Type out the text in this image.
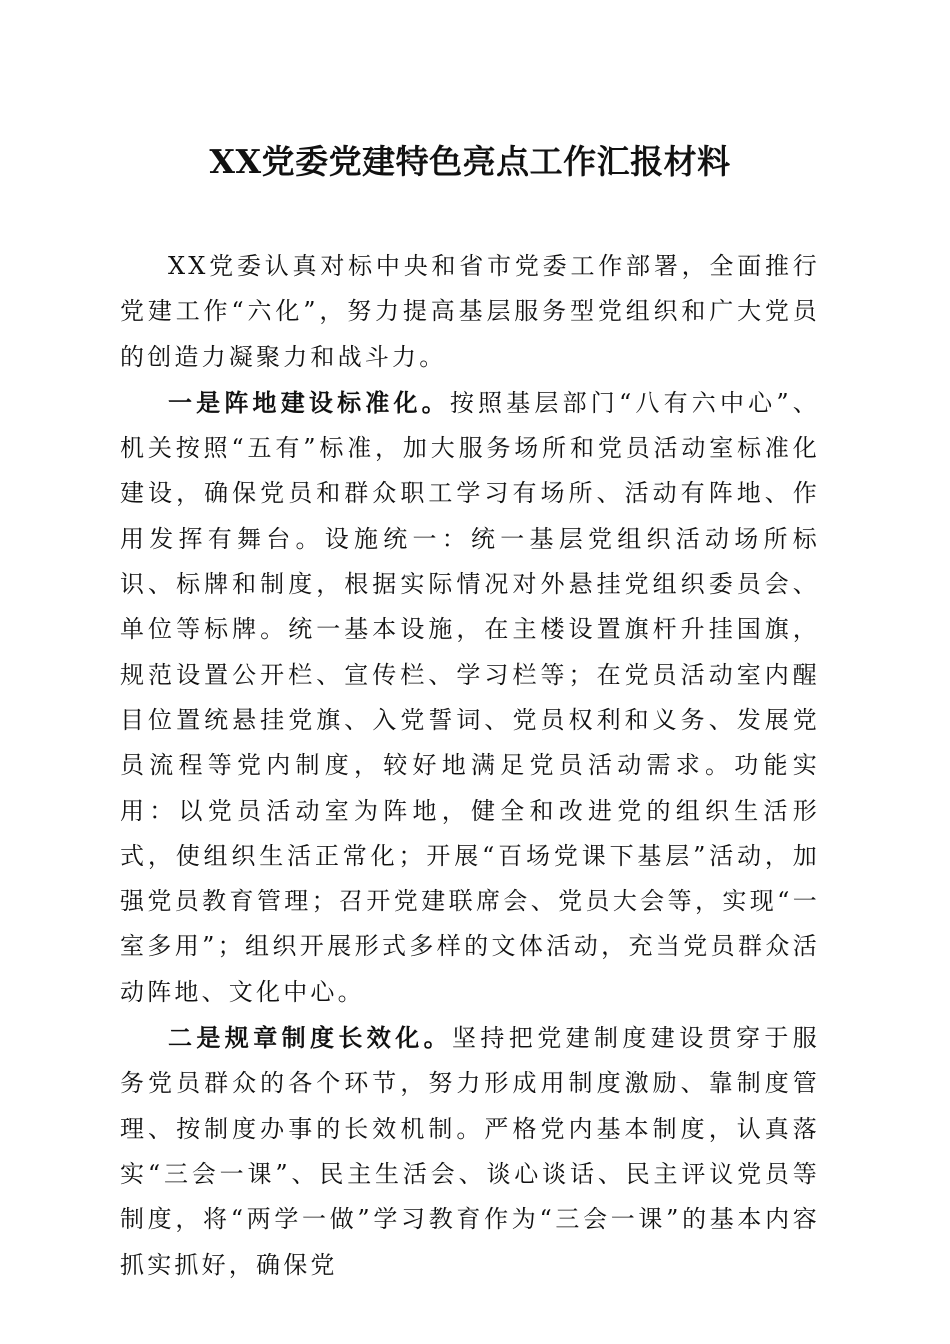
XX党委党建特色亮点工作汇报材料

XX党委认真对标中央和省市党委工作部署，全面推行党建工作“六化”，努力提高基层服务型党组织和广大党员的创造力凝聚力和战斗力。

一是阵地建设标准化。按照基层部门“八有六中心”、机关按照“五有”标准，加大服务场所和党员活动室标准化建设，确保党员和群众职工学习有场所、活动有阵地、作用发挥有舞台。设施统一：统一基层党组织活动场所标识、标牌和制度，根据实际情况对外悬挂党组织委员会、单位等标牌。统一基本设施，在主楼设置旗杆升挂国旗，规范设置公开栏、宣传栏、学习栏等；在党员活动室内醒目位置统悬挂党旗、入党誓词、党员权利和义务、发展党员流程等党内制度，较好地满足党员活动需求。功能实用：以党员活动室为阵地，健全和改进党的组织生活形式，使组织生活正常化；开展“百场党课下基层”活动，加强党员教育管理；召开党建联席会、党员大会等，实现“一室多用”；组织开展形式多样的文体活动，充当党员群众活动阵地、文化中心。

二是规章制度长效化。坚持把党建制度建设贯穿于服务党员群众的各个环节，努力形成用制度激励、靠制度管理、按制度办事的长效机制。严格党内基本制度，认真落实“三会一课”、民主生活会、谈心谈话、民主评议党员等制度，将“两学一做”学习教育作为“三会一课”的基本内容抓实抓好，确保党
